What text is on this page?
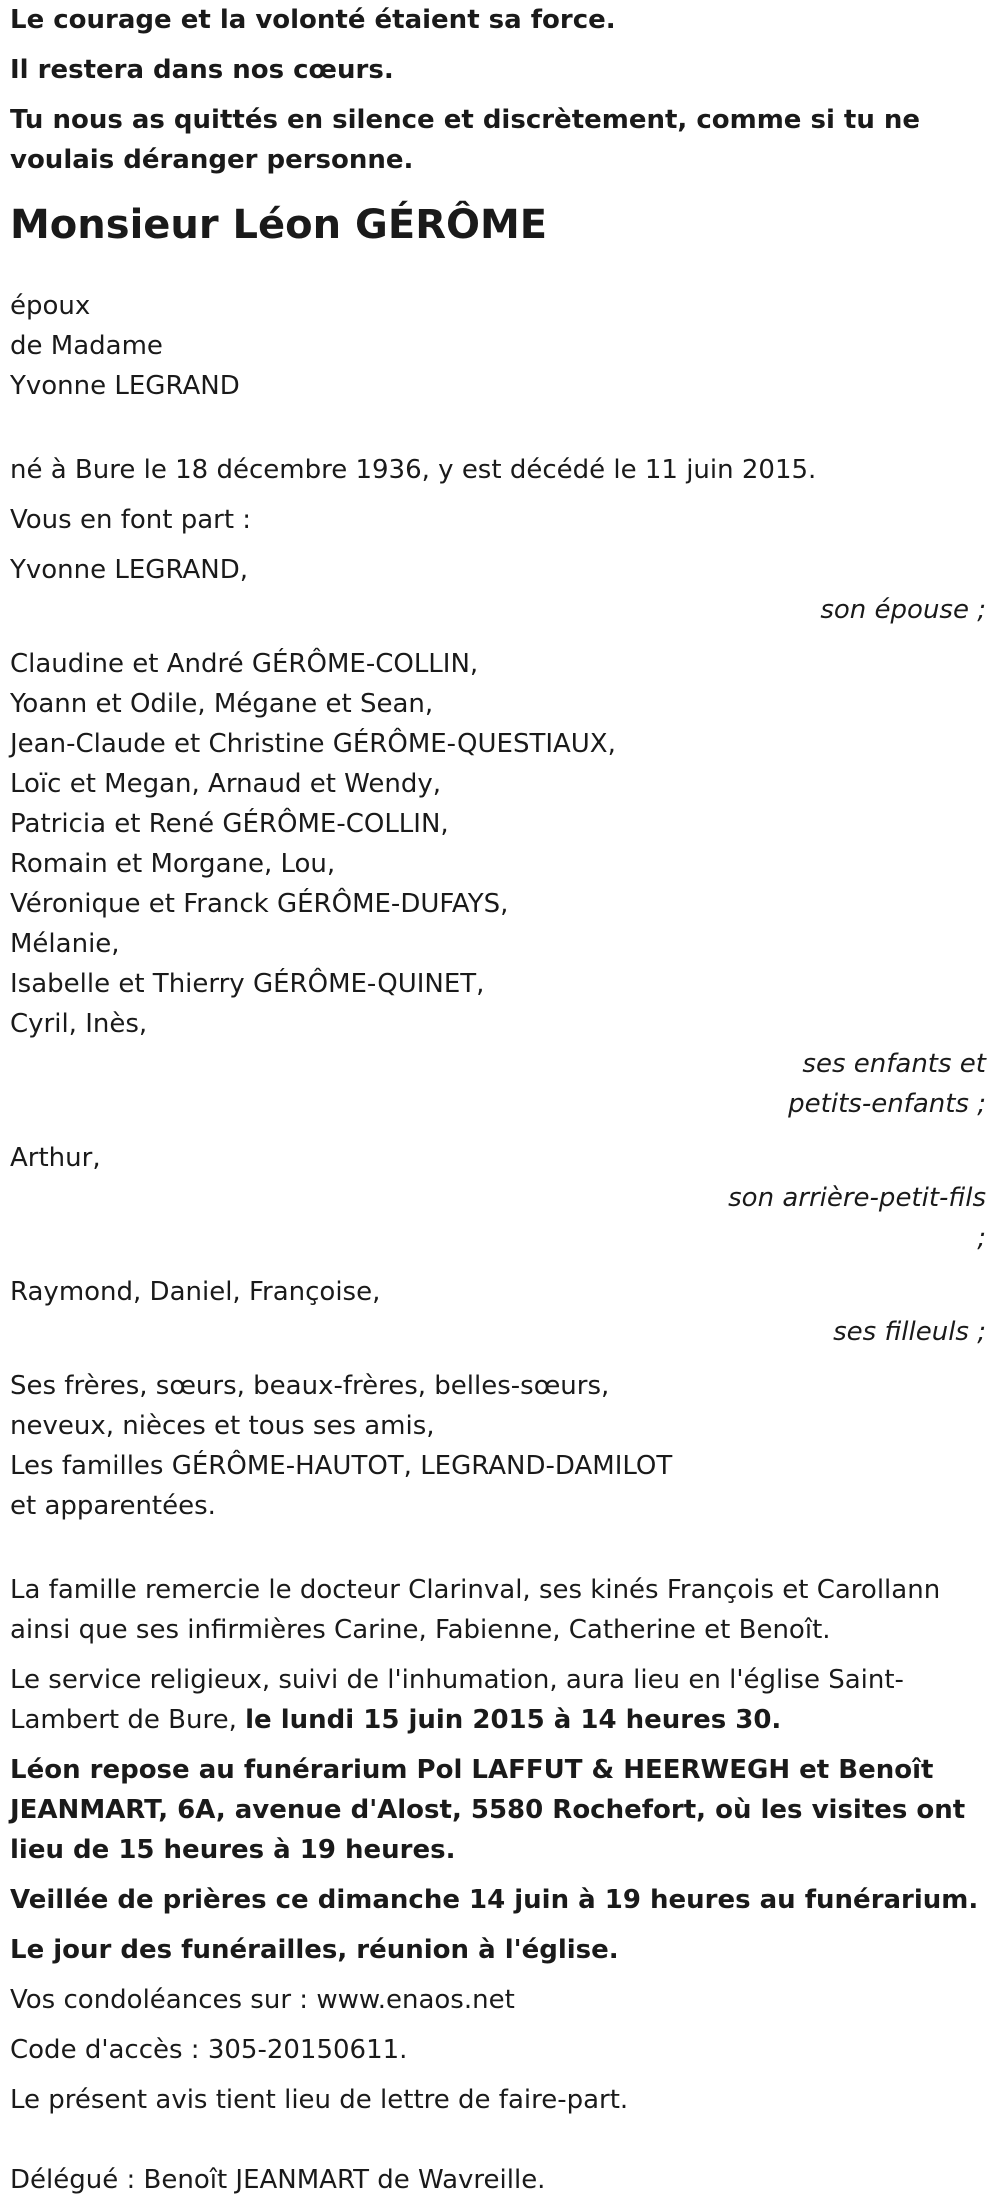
Le courage et la volonté étaient sa force.
Il restera dans nos cœurs.
Tu nous as quittés en silence et discrètement, comme si tu ne voulais déranger personne.
Monsieur Léon GÉRÔME
époux
de Madame
Yvonne LEGRAND
né à Bure le 18 décembre 1936, y est décédé le 11 juin 2015.
Vous en font part :
Yvonne LEGRAND,
son épouse ;
Claudine et André GÉRÔME-COLLIN,
Yoann et Odile, Mégane et Sean,
Jean-Claude et Christine GÉRÔME-QUESTIAUX,
Loïc et Megan, Arnaud et Wendy,
Patricia et René GÉRÔME-COLLIN,
Romain et Morgane, Lou,
Véronique et Franck GÉRÔME-DUFAYS,
Mélanie,
Isabelle et Thierry GÉRÔME-QUINET,
Cyril, Inès,
ses enfants et
petits-enfants ;
Arthur,
son arrière-petit-fils
;
Raymond, Daniel, Françoise,
ses filleuls ;
Ses frères, sœurs, beaux-frères, belles-sœurs,
neveux, nièces et tous ses amis,
Les familles GÉRÔME-HAUTOT, LEGRAND-DAMILOT
et apparentées.
La famille remercie le docteur Clarinval, ses kinés François et Carollann ainsi que ses infirmières Carine, Fabienne, Catherine et Benoît.
Le service religieux, suivi de l'inhumation, aura lieu en l'église Saint-Lambert de Bure, le lundi 15 juin 2015 à 14 heures 30.
Léon repose au funérarium Pol LAFFUT & HEERWEGH et Benoît JEANMART, 6A, avenue d'Alost, 5580 Rochefort, où les visites ont lieu de 15 heures à 19 heures.
Veillée de prières ce dimanche 14 juin à 19 heures au funérarium.
Le jour des funérailles, réunion à l'église.
Vos condoléances sur : www.enaos.net
Code d'accès : 305-20150611.
Le présent avis tient lieu de lettre de faire-part.
Délégué : Benoît JEANMART de Wavreille.
